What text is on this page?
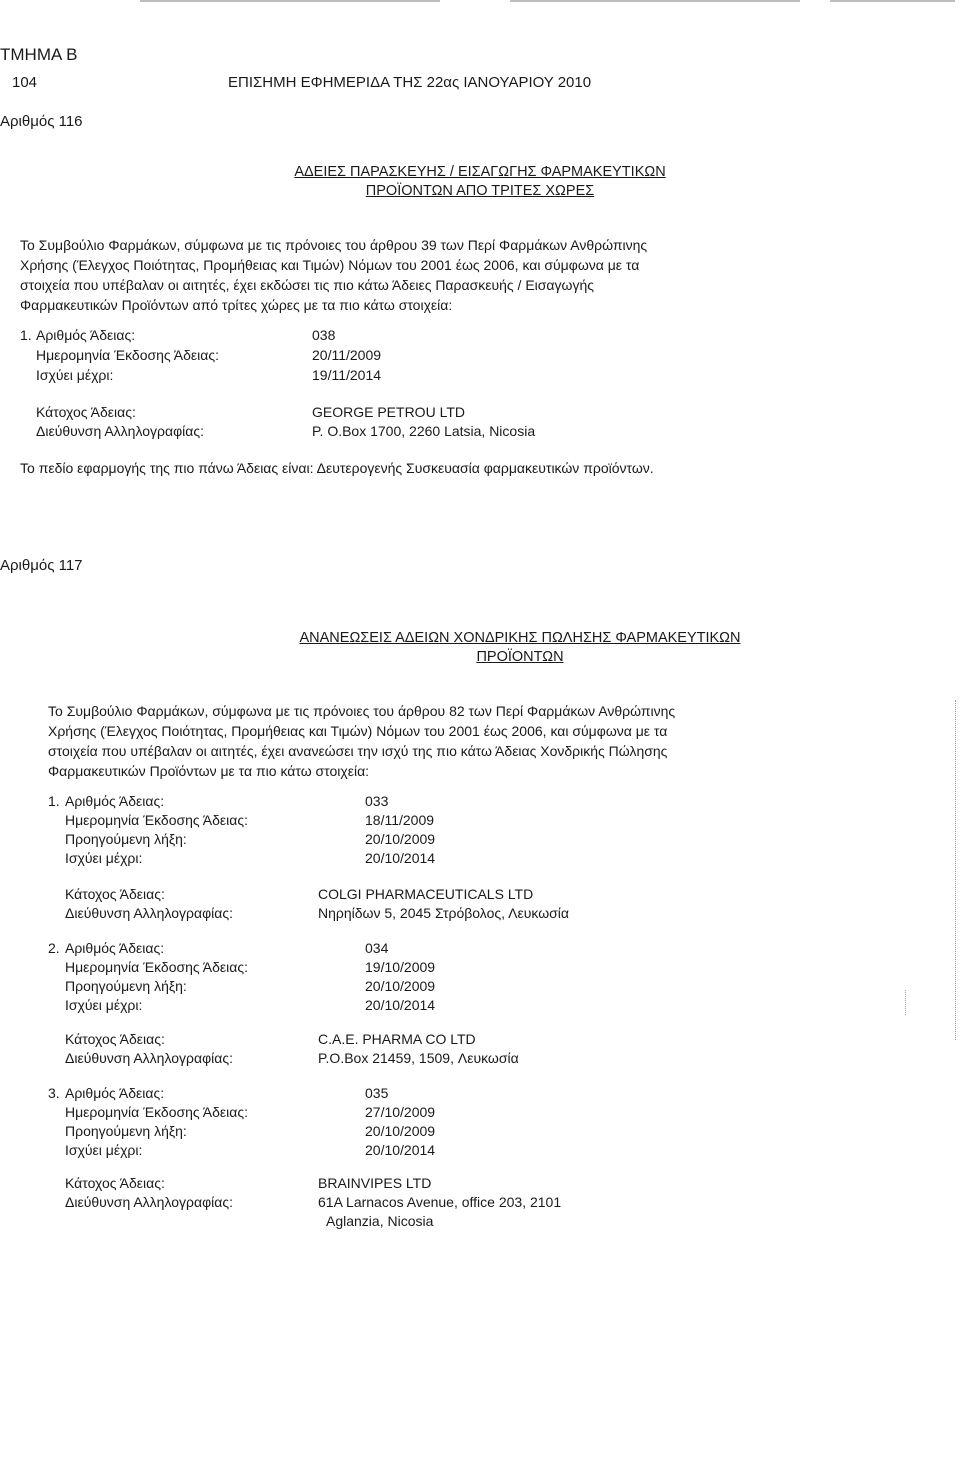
ΤΜΗΜΑ Β
104	ΕΠΙΣΗΜΗ ΕΦΗΜΕΡΙΔΑ ΤΗΣ 22ας ΙΑΝΟΥΑΡΙΟΥ 2010
Αριθμός 116
ΑΔΕΙΕΣ ΠΑΡΑΣΚΕΥΗΣ / ΕΙΣΑΓΩΓΗΣ ΦΑΡΜΑΚΕΥΤΙΚΩΝ
ΠΡΟΪΟΝΤΩΝ ΑΠΟ ΤΡΙΤΕΣ ΧΩΡΕΣ
Το Συμβούλιο Φαρμάκων, σύμφωνα με τις πρόνοιες του άρθρου 39 των Περί Φαρμάκων Ανθρώπινης
Χρήσης (Έλεγχος Ποιότητας, Προμήθειας και Τιμών) Νόμων του 2001 έως 2006, και σύμφωνα με τα
στοιχεία που υπέβαλαν οι αιτητές, έχει εκδώσει τις πιο κάτω Άδειες Παρασκευής / Εισαγωγής
Φαρμακευτικών Προϊόντων από τρίτες χώρες με τα πιο κάτω στοιχεία:
1. Αριθμός Άδειας:
Ημερομηνία Έκδοσης Άδειας:
Ισχύει μέχρι:
Κάτοχος Άδειας:
Διεύθυνση Αλληλογραφίας:
038
20/11/2009
19/11/2014
GEORGE PETROU LTD
P. O.Box 1700, 2260 Latsia, Nicosia
Το πεδίο εφαρμογής της πιο πάνω Άδειας είναι: Δευτερογενής Συσκευασία φαρμακευτικών προϊόντων.
Αριθμός 117
ΑΝΑΝΕΩΣΕΙΣ ΑΔΕΙΩΝ ΧΟΝΔΡΙΚΗΣ ΠΩΛΗΣΗΣ ΦΑΡΜΑΚΕΥΤΙΚΩΝ
ΠΡΟΪΟΝΤΩΝ
Το Συμβούλιο Φαρμάκων, σύμφωνα με τις πρόνοιες του άρθρου 82 των Περί Φαρμάκων Ανθρώπινης
Χρήσης (Έλεγχος Ποιότητας, Προμήθειας και Τιμών) Νόμων του 2001 έως 2006, και σύμφωνα με τα
στοιχεία που υπέβαλαν οι αιτητές, έχει ανανεώσει την ισχύ της πιο κάτω Άδειας Χονδρικής Πώλησης
Φαρμακευτικών Προϊόντων με τα πιο κάτω στοιχεία:
1. Αριθμός Άδειας:
Ημερομηνία Έκδοσης Άδειας:
Προηγούμενη λήξη:
Ισχύει μέχρι:
Κάτοχος Άδειας:
Διεύθυνση Αλληλογραφίας:
033
18/11/2009
20/10/2009
20/10/2014
COLGI PHARMACEUTICALS LTD
Νηρηίδων 5, 2045 Στρόβολος, Λευκωσία
2. Αριθμός Άδειας:
Ημερομηνία Έκδοσης Άδειας:
Προηγούμενη λήξη:
Ισχύει μέχρι:
Κάτοχος Άδειας:
Διεύθυνση Αλληλογραφίας:
034
19/10/2009
20/10/2009
20/10/2014
C.A.E. PHARMA CO LTD
P.O.Box 21459, 1509, Λευκωσία
3. Αριθμός Άδειας:
Ημερομηνία Έκδοσης Άδειας:
Προηγούμενη λήξη:
Ισχύει μέχρι:
Κάτοχος Άδειας:
Διεύθυνση Αλληλογραφίας:
035
27/10/2009
20/10/2009
20/10/2014
BRAINVIPES LTD
61A Larnacos Avenue, office 203, 2101
Aglanzia, Nicosia
